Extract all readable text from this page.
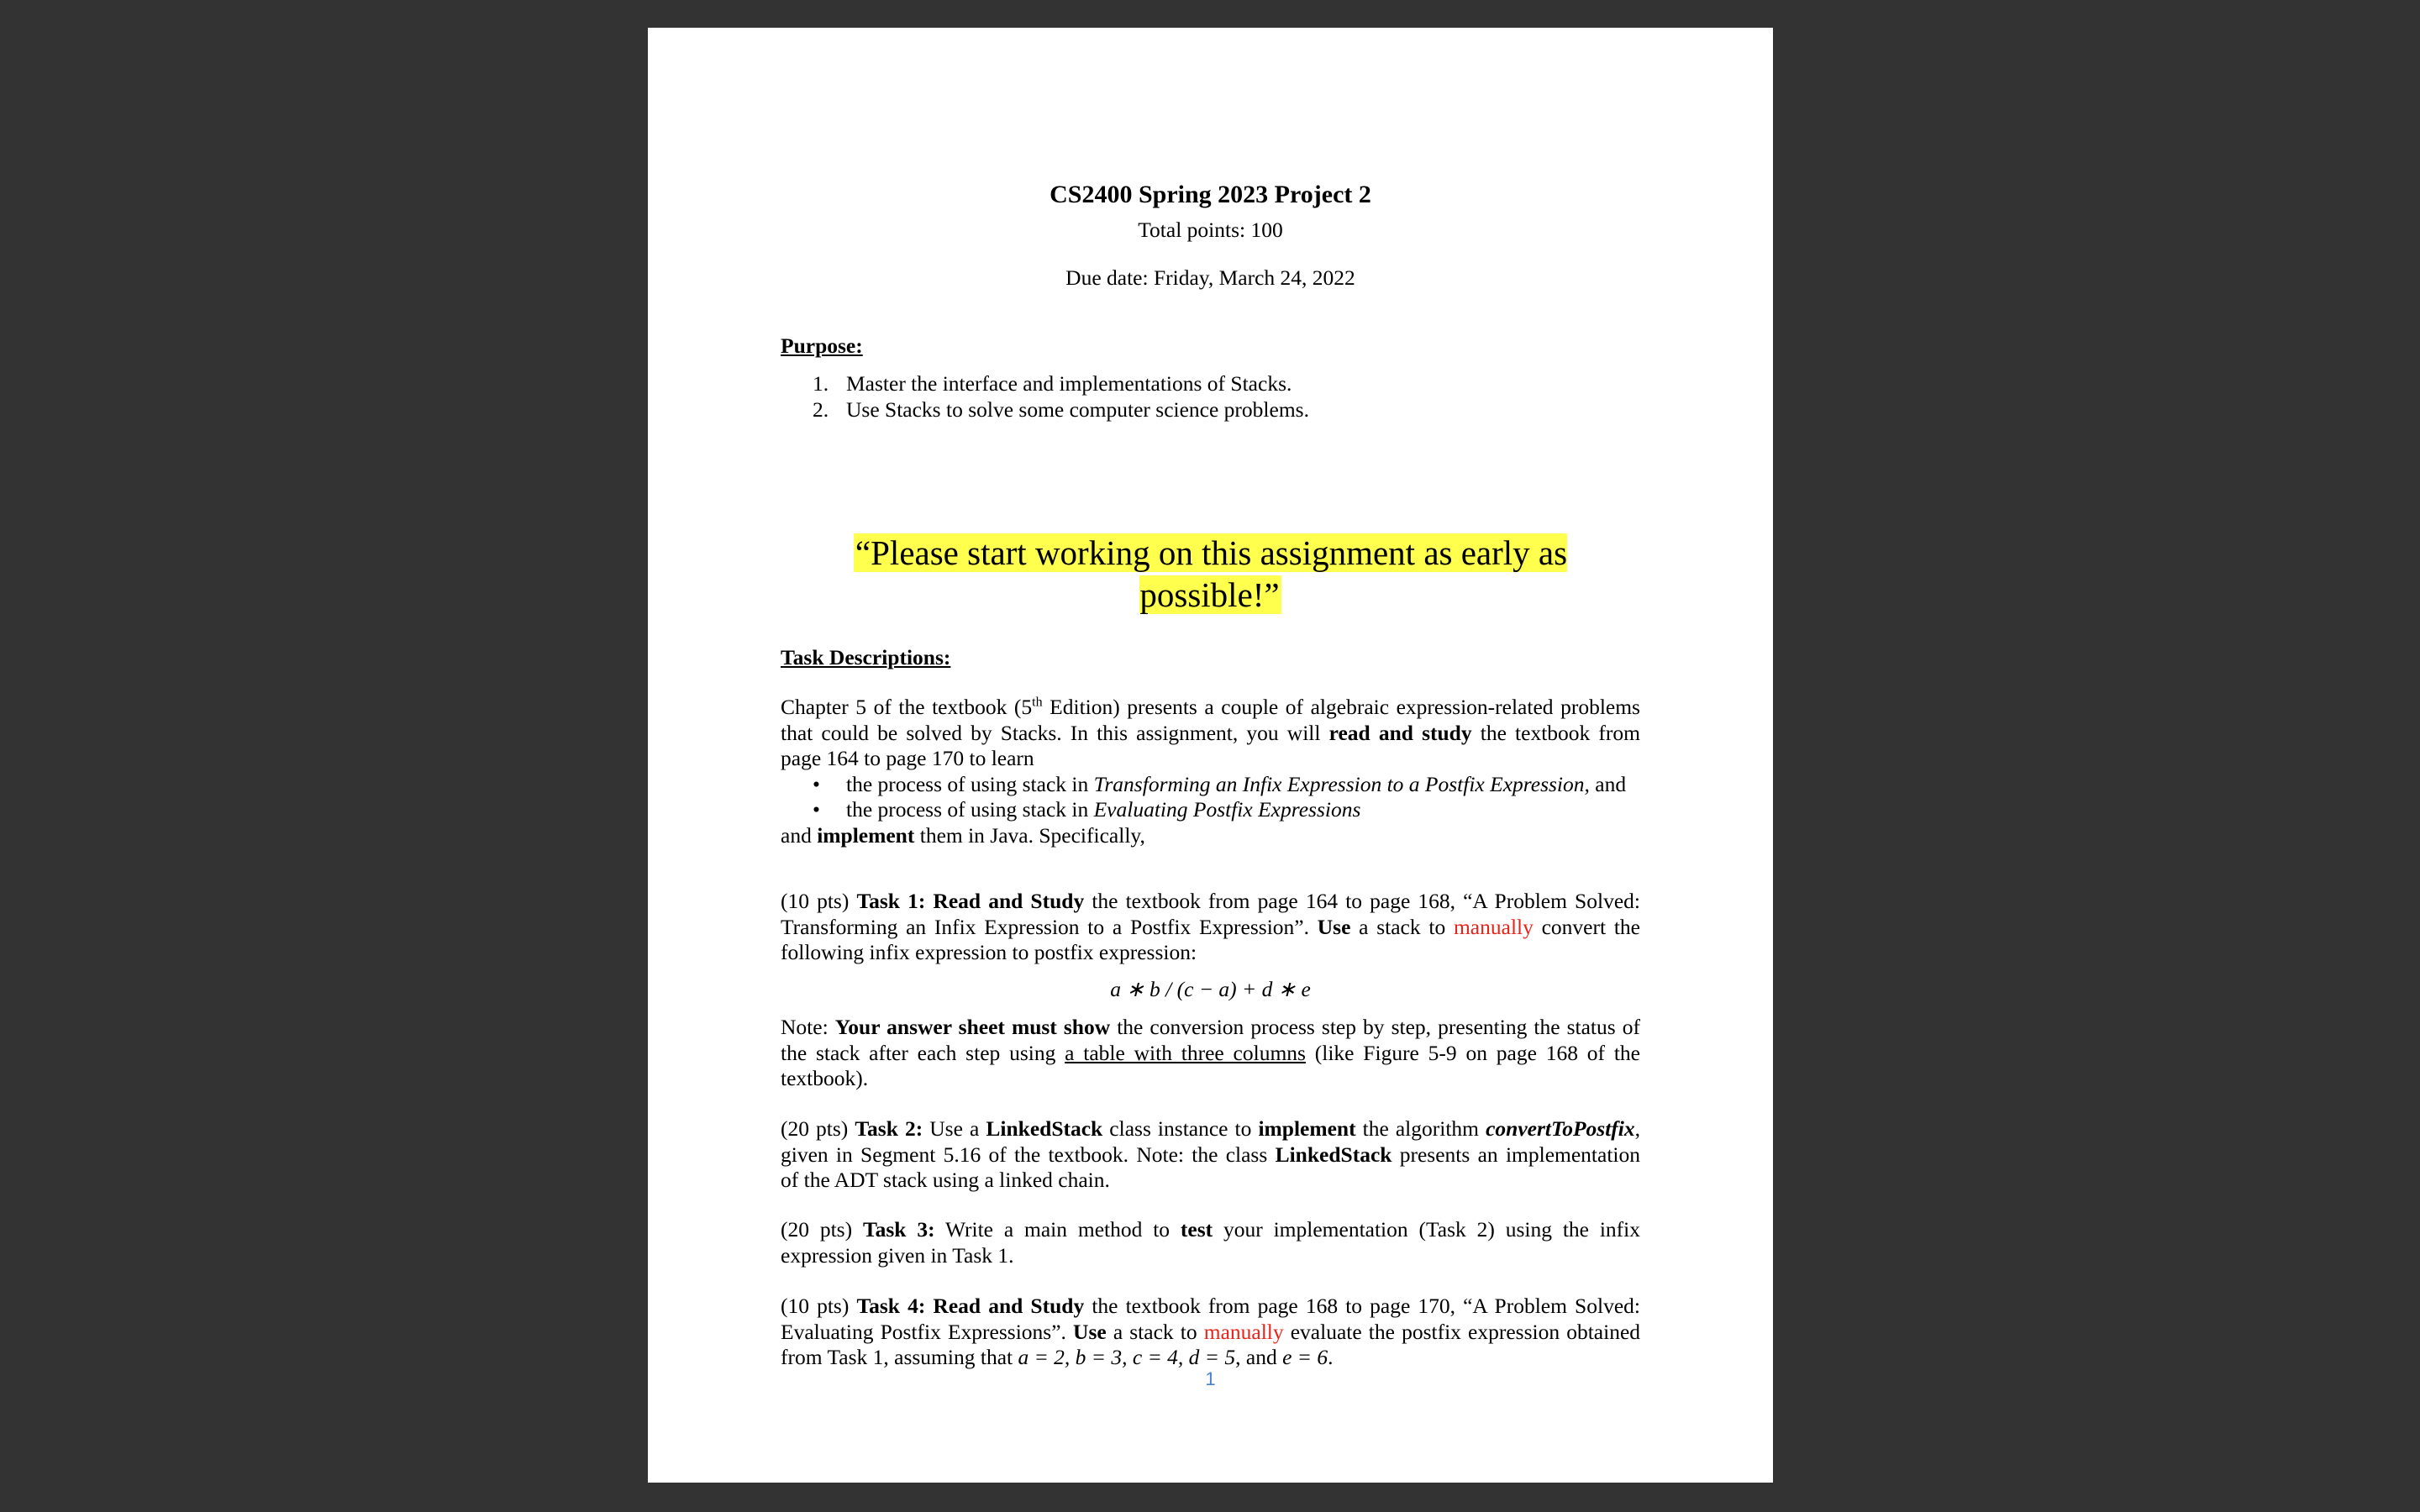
CS2400 Spring 2023 Project 2
Total points: 100
Due date: Friday, March 24, 2022
Purpose:
1. Master the interface and implementations of Stacks.
2. Use Stacks to solve some computer science problems.
“Please start working on this assignment as early as possible!”
Task Descriptions:
Chapter 5 of the textbook (5th Edition) presents a couple of algebraic expression-related problems
that could be solved by Stacks. In this assignment, you will read and study the textbook from
page 164 to page 170 to learn
• the process of using stack in Transforming an Infix Expression to a Postfix Expression, and
• the process of using stack in Evaluating Postfix Expressions
and implement them in Java. Specifically,
(10 pts) Task 1: Read and Study the textbook from page 164 to page 168, “A Problem Solved:
Transforming an Infix Expression to a Postfix Expression”. Use a stack to manually convert the
following infix expression to postfix expression:
a ∗ b / (c − a) + d ∗ e
Note: Your answer sheet must show the conversion process step by step, presenting the status of
the stack after each step using a table with three columns (like Figure 5-9 on page 168 of the
textbook).
(20 pts) Task 2: Use a LinkedStack class instance to implement the algorithm convertToPostfix,
given in Segment 5.16 of the textbook. Note: the class LinkedStack presents an implementation
of the ADT stack using a linked chain.
(20 pts) Task 3: Write a main method to test your implementation (Task 2) using the infix
expression given in Task 1.
(10 pts) Task 4: Read and Study the textbook from page 168 to page 170, “A Problem Solved:
Evaluating Postfix Expressions”. Use a stack to manually evaluate the postfix expression obtained
from Task 1, assuming that a = 2, b = 3, c = 4, d = 5, and e = 6.
1
